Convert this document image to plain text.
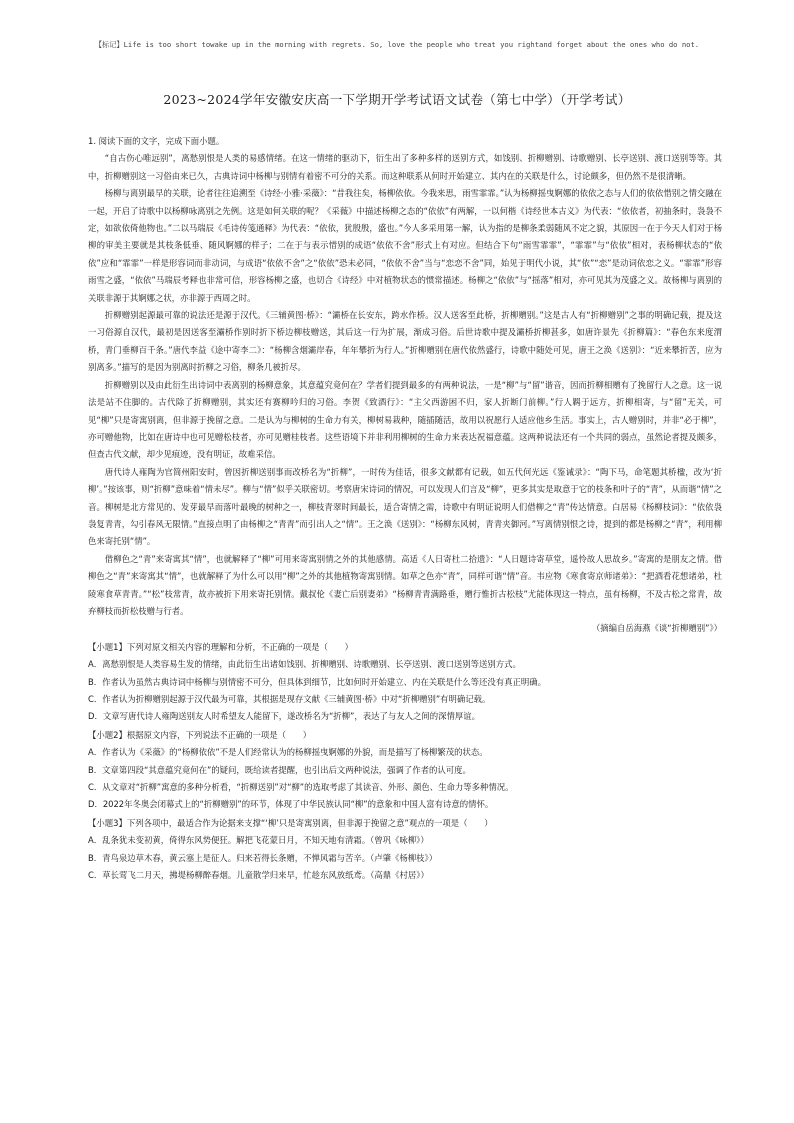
【标记】Life is too short towake up in the morning with regrets. So, love the people who treat you rightand forget about the ones who do not.
2023~2024学年安徽安庆高一下学期开学考试语文试卷（第七中学）（开学考试）

1. 阅读下面的文字，完成下面小题。

“自古伤心唯远别”，离愁别恨是人类的易感情绪。在这一情绪的驱动下，衍生出了多种多样的送别方式，如饯别、折柳赠别、诗歌赠别、长亭送别、渡口送别等等。其中，折柳赠别这一习俗由来已久，古典诗词中杨柳与别情有着密不可分的关系。而这种联系从何时开始建立、其内在的关联是什么，讨论颇多，但仍然不是很清晰。

杨柳与离别最早的关联，论者往往追溯至《诗经·小雅·采薇》：“昔我往矣，杨柳依依。今我来思，雨雪霏霏。”认为杨柳摇曳婀娜的依依之态与人们的依依惜别之情交融在一起，开启了诗歌中以杨柳咏离别之先例。这是如何关联的呢？《采薇》中描述杨柳之态的“依依”有两解，一以何楷《诗经世本古义》为代表：“依依者，初抽条时，袅袅不定，如欲依倚他物也。”二以马瑞辰《毛诗传笺通释》为代表：“依依，犹殷殷，盛也。”今人多采用第一解，认为指的是柳条柔弱随风不定之貌，其原因一在于今天人们对于杨柳的审美主要就是其枝条低垂、随风婀娜的样子；二在于与表示惜别的成语“依依不舍”形式上有对应。但结合下句“雨雪霏霏”，“霏霏”与“依依”相对，表杨柳状态的“依依”应和“霏霏”一样是形容词而非动词，与成语“依依不舍”之“依依”恐未必同，“依依不舍”当与“恋恋不舍”同，始见于明代小说，其“依”“恋”是动词依恋之义。“霏霏”形容雨雪之盛，“依依”马瑞辰考释也非常可信，形容杨柳之盛，也切合《诗经》中对植物状态的惯常描述。杨柳之“依依”与“摇落”相对，亦可见其为茂盛之义。故杨柳与离别的关联非源于其婀娜之状，亦非源于西周之时。

折柳赠别起源最可靠的说法还是源于汉代。《三辅黄图·桥》：“灞桥在长安东，跨水作桥。汉人送客至此桥，折柳赠别。”这是古人有“折柳赠别”之事的明确记载，提及这一习俗源自汉代，最初是因送客至灞桥作别时折下桥边柳枝赠送，其后这一行为扩展，渐成习俗。后世诗歌中提及灞桥折柳甚多，如唐许景先《折柳篇》：“春色东来度渭桥，青门垂柳百千条。”唐代李益《途中寄李二》：“杨柳含烟灞岸春，年年攀折为行人。”折柳赠别在唐代依然盛行，诗歌中随处可见，唐王之涣《送别》：“近来攀折苦，应为别离多。”描写的是因为别离时折柳之习俗，柳条几被折尽。

折柳赠别以及由此衍生出诗词中表离别的杨柳意象，其意蕴究竟何在？学者们提到最多的有两种说法，一是“柳”与“留”谐音，因而折柳相赠有了挽留行人之意。这一说法是站不住脚的。古代除了折柳赠别，其实还有赛柳吟归的习俗。李贺《致酒行》：“主父西游困不归，家人折断门前柳。”行人羁于远方，折柳相寄，与“留”无关，可见“柳”只是寄寓别离，但非源于挽留之意。二是认为与柳树的生命力有关，柳树易栽种，随插随活，故用以祝愿行人适应他乡生活。事实上，古人赠别时，并非“必于柳”，亦可赠他物，比如在唐诗中也可见赠松枝者，亦可见赠桂枝者。这些语境下并非利用柳树的生命力来表达祝福意蕴。这两种说法还有一个共同的弱点，虽然论者提及颇多，但查古代文献，却少见痕迹，没有明证，故难采信。

唐代诗人雍陶为官简州阳安时，曾因折柳送别事而改桥名为“折柳”，一时传为佳话，很多文献都有记载，如五代何光远《鉴诫录》：“陶下马，命笔题其桥楹，改为‘折柳’。”按该事，则“折柳”意味着“情未尽”。柳与“情”似乎关联密切。考察唐宋诗词的情况，可以发现人们言及“柳”，更多其实是取意于它的枝条和叶子的“青”，从而谐“情”之音。柳树是北方常见的、发芽最早而落叶最晚的树种之一，柳枝青翠时间最长，适合寄情之需，诗歌中有明证说明人们借柳之“青”传达情意。白居易《杨柳枝词》：“依依袅袅复青青，勾引春风无限情。”直接点明了由杨柳之“青青”而引出人之“情”。王之涣《送别》：“杨柳东风树，青青夹御河。”写离情别恨之诗，提到的都是杨柳之“青”，利用柳色来寄托别“情”。

借柳色之“青”来寄寓其“情”，也就解释了“柳”可用来寄寓别情之外的其他感情。高适《人日寄杜二拾遗》：“人日题诗寄草堂，遥怜故人思故乡。”寄寓的是朋友之情。借柳色之“青”来寄寓其“情”，也就解释了为什么可以用“柳”之外的其他植物寄寓别情。如草之色亦“青”，同样可谐“情”音。韦应物《寒食寄京师诸弟》：“把酒看花想诸弟，杜陵寒食草青青。”“松”枝常青，故亦被折下用来寄托别情。戴叔伦《妻亡后别妻弟》“杨柳青青满路垂，赠行惟折古松枝”尤能体现这一特点，虽有杨柳，不及古松之常青，故弃柳枝而折松枝赠与行者。

（摘编自岳海燕《谈“折柳赠别”》）

【小题1】下列对原文相关内容的理解和分析，不正确的一项是（　　）

A．离愁别恨是人类容易生发的情绪，由此衍生出诸如饯别、折柳赠别、诗歌赠别、长亭送别、渡口送别等送别方式。

B．作者认为虽然古典诗词中杨柳与别情密不可分，但具体到细节，比如何时开始建立、内在关联是什么等还没有真正明确。

C．作者认为折柳赠别起源于汉代最为可靠，其根据是现存文献《三辅黄图·桥》中对“折柳赠别”有明确记载。

D．文章写唐代诗人雍陶送别友人时希望友人能留下，遂改桥名为“折柳”，表达了与友人之间的深情厚谊。

【小题2】根据原文内容，下列说法不正确的一项是（　　）

A．作者认为《采薇》的“杨柳依依”不是人们经常认为的杨柳摇曳婀娜的外貌，而是描写了杨柳繁茂的状态。

B．文章第四段“其意蕴究竟何在”的疑问，既给读者提醒，也引出后文两种说法，强调了作者的认可度。

C．从文章对“折柳”寓意的多种分析看，“折柳送别”对“柳”的选取考虑了其读音、外形、颜色、生命力等多种情况。

D．2022年冬奥会闭幕式上的“折柳赠别”的环节，体现了中华民族认同“柳”的意象和中国人富有诗意的情怀。

【小题3】下列各项中，最适合作为论据来支撑“‘柳’只是寄寓别离，但非源于挽留之意”观点的一项是（　　）

A．乱条犹未变初黄，倚得东风势便狂。解把飞花蒙日月，不知天地有清霜。（曾巩《咏柳》）

B．青鸟泉边草木春，黄云塞上是征人。归来若得长条赠，不惮风霜与苦辛。（卢肇《杨柳枝》）

C．草长莺飞二月天，拂堤杨柳醉春烟。儿童散学归来早，忙趁东风放纸鸢。（高鼎《村居》）
